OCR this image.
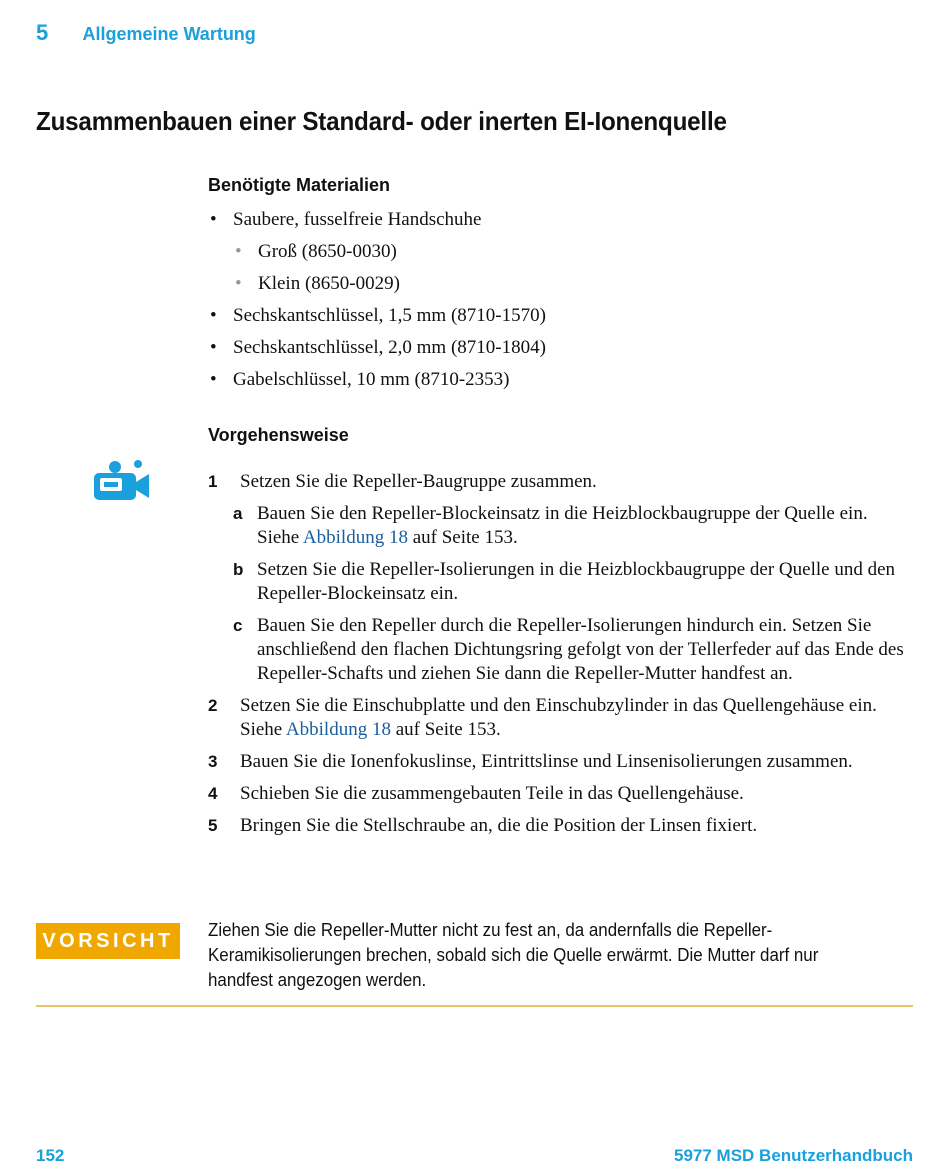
5 Allgemeine Wartung
Zusammenbauen einer Standard- oder inerten EI-Ionenquelle
Benötigte Materialien
• Saubere, fusselfreie Handschuhe
• Groß (8650-0030)
• Klein (8650-0029)
• Sechskantschlüssel, 1,5 mm (8710-1570)
• Sechskantschlüssel, 2,0 mm (8710-1804)
• Gabelschlüssel, 10 mm (8710-2353)
Vorgehensweise
1 Setzen Sie die Repeller-Baugruppe zusammen.
a Bauen Sie den Repeller-Blockeinsatz in die Heizblockbaugruppe der Quelle ein. Siehe Abbildung 18 auf Seite 153.
b Setzen Sie die Repeller-Isolierungen in die Heizblockbaugruppe der Quelle und den Repeller-Blockeinsatz ein.
c Bauen Sie den Repeller durch die Repeller-Isolierungen hindurch ein. Setzen Sie anschließend den flachen Dichtungsring gefolgt von der Tellerfeder auf das Ende des Repeller-Schafts und ziehen Sie dann die Repeller-Mutter handfest an.
2 Setzen Sie die Einschubplatte und den Einschubzylinder in das Quellengehäuse ein. Siehe Abbildung 18 auf Seite 153.
3 Bauen Sie die Ionenfokuslinse, Eintrittslinse und Linsenisolierungen zusammen.
4 Schieben Sie die zusammengebauten Teile in das Quellengehäuse.
5 Bringen Sie die Stellschraube an, die die Position der Linsen fixiert.
VORSICHT	Ziehen Sie die Repeller-Mutter nicht zu fest an, da andernfalls die Repeller-Keramikisolierungen brechen, sobald sich die Quelle erwärmt. Die Mutter darf nur handfest angezogen werden.
152	5977 MSD Benutzerhandbuch
